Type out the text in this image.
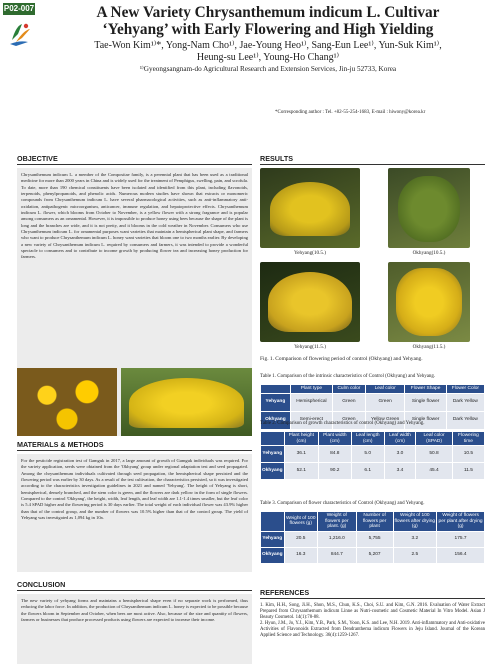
P02-007	A New Variety Chrysanthemum indicum L. Cultivar
‘Yehyang’ with Early Flowering and High Yielding
Tae-Won Kim¹⁾*, Yong-Nam Cho¹⁾, Jae-Young Heo¹⁾, Sang-Eun Lee¹⁾, Yun-Suk Kim¹⁾,
Heung-su Lee¹⁾, Young-Ho Chang¹⁾
¹⁾Gyeongsangnam-do Agricultural Research and Extension Services, Jin-ju 52733, Korea
*Corresponding author : Tel. +82-55-254-1683, E-mail : hiwony@korea.kr
OBJECTIVE

Chrysanthemum indicum L. a member of the Compositae family, is a perennial plant that has been used as a traditional medicine for more than 2000 years in China and is widely used for the treatment of Pemphigus, swelling, pain, and scrofula. To date, more than 190 chemical constituents have been isolated and identified from this plant, including flavonoids, terpenoids, phenylpropanoids, and phenolic acids. Numerous modern studies have shown that extracts or monomeric compounds from Chrysanthemum indicum L. have several pharmacological activities, such as anti-inflammatory anti-oxidation, antipathogenic microorganism, anticancer, immune regulation, and hepatoprotective effects. Chrysanthemum indicum L. flower, which blooms from October to November, is a yellow flower with a strong fragrance and is popular among consumers as an ornamental. However, it is impossible to produce honey using bees because the shape of the plant is long and the branches are wide, and it is not pretty, and it blooms in the cold weather in November. Consumers who use Chrysanthemum indicum L. for ornamental purposes want varieties that maintain a hemispherical plant shape, and farmers who want to produce Chrysanthemum indicum L. honey want varieties that bloom one to two months earlier. By developing a new variety of Chrysanthemum indicum L. required by consumers and farmers, it was intended to provide a wonderful spectacle to consumers and to contribute to income growth by producing flower tea and increasing honey production for farmers.

MATERIALS & METHODS

For the pesticide registration test of Gamguk in 2017, a large amount of growth of Gamguk individuals was required. For the variety application, seeds were obtained from the 'Okhyang' group under regional adaptation test and seed propagated. Among the chrysanthemum individuals cultivated through seed propagation, the hemispherical shape persisted and the flowering period was earlier by 30 days. As a result of the test cultivation, the characteristics persisted, so it was investigated according to the characteristics investigation guidelines in 2021 and named 'Yehyang'. The height of Yehyang is short, hemispherical, densely branched, and the stem color is green, and the flowers are dark yellow in the form of single flowers. Compared to the control 'Okhyang', the height, width, leaf length, and leaf width are 1.1-1.4 times smaller, but the leaf color is 5.4 SPAD higher and the flowering period is 30 days earlier. The total weight of each individual flower was 43.9% higher than that of the control group, and the number of flowers was 10.5% higher than that of the control group. The yield of Yehyang was investigated as 1,094 kg in 10a.

CONCLUSION

The new variety of yehyang forms and maintains a hemispherical shape even if no separate work is performed, thus reducing the labor force. In addition, the production of Chrysanthemum indicum L. honey is expected to be possible because the flowers bloom in September and October, when bees are most active. Also, because of the size and quantity of flowers, farmers or businesses that produce processed products using flowers are expected to increase their income.

RESULTS
Yehyang(10.5.)	Okhyang(10.5.)
Yehyang(11.5.)	Okhyang(11.5.)
Fig. 1. Comparison of flowering period of control (Okhyang) and Yehyang.
Table 1. Comparison of the intrinsic characteristics of Control (Okhyang) and Yehyang.
	Plant type	Culm color	Leaf color	Flower Shape	Flower Color
Yehyang	Hemispherical	Green	Green	Single flower	Dark Yellow
Okhyang	Semi-erect	Green	Yellow Green	Single flower	Dark Yellow
Table 2. Comparison of growth characteristics of control (Okhyang) and Yehyang.
	Plant height (cm)	Plant width (cm)	Leaf length (cm)	Leaf width (cm)	Leaf color (SPAD)	Flowering time
Yehyang	36.1	84.8	5.0	3.0	50.8	10.5
Okhyang	52.1	90.2	6.1	3.4	45.4	11.5
Table 3. Comparison of flower characteristics of Control (Okhyang) and Yehyang.
	Weight of 100 flowers (g)	Weight of flowers per plant. (g)	Number of flowers per plant	Weight of 100 flowers after drying (g)	Weight of flowers per plant after drying (g)
Yehyang	20.5	1,216.0	5,755	3.2	175.7
Okhyang	16.3	844.7	5,207	2.5	156.4
REFERENCES

1. Kim, H.H., Song, Ji.H., Shon, M.S., Chun, K.S., Choi, S.U. and Kim, G.N. 2016. Evaluation of Water Extract Prepared from Chrysanthemum indicum Linne as Nutri-cosmetic and Cosmetic Material In Vitro Model. Asian J Beauty Cosmetol. 14(1):78-88.

2. Hyun, J.M., Jo, Y.J., Kim, Y.B., Park, S.M., Yoon, K.S. and Lee, N.H. 2019. Anti-inflammatory and Anti-oxidative Activities of Flavonoids Extracted from Dendranthema indicum Flowers in Jeju Island. Journal of the Korean Applied Science and Technology. 36(4):1259-1267.
